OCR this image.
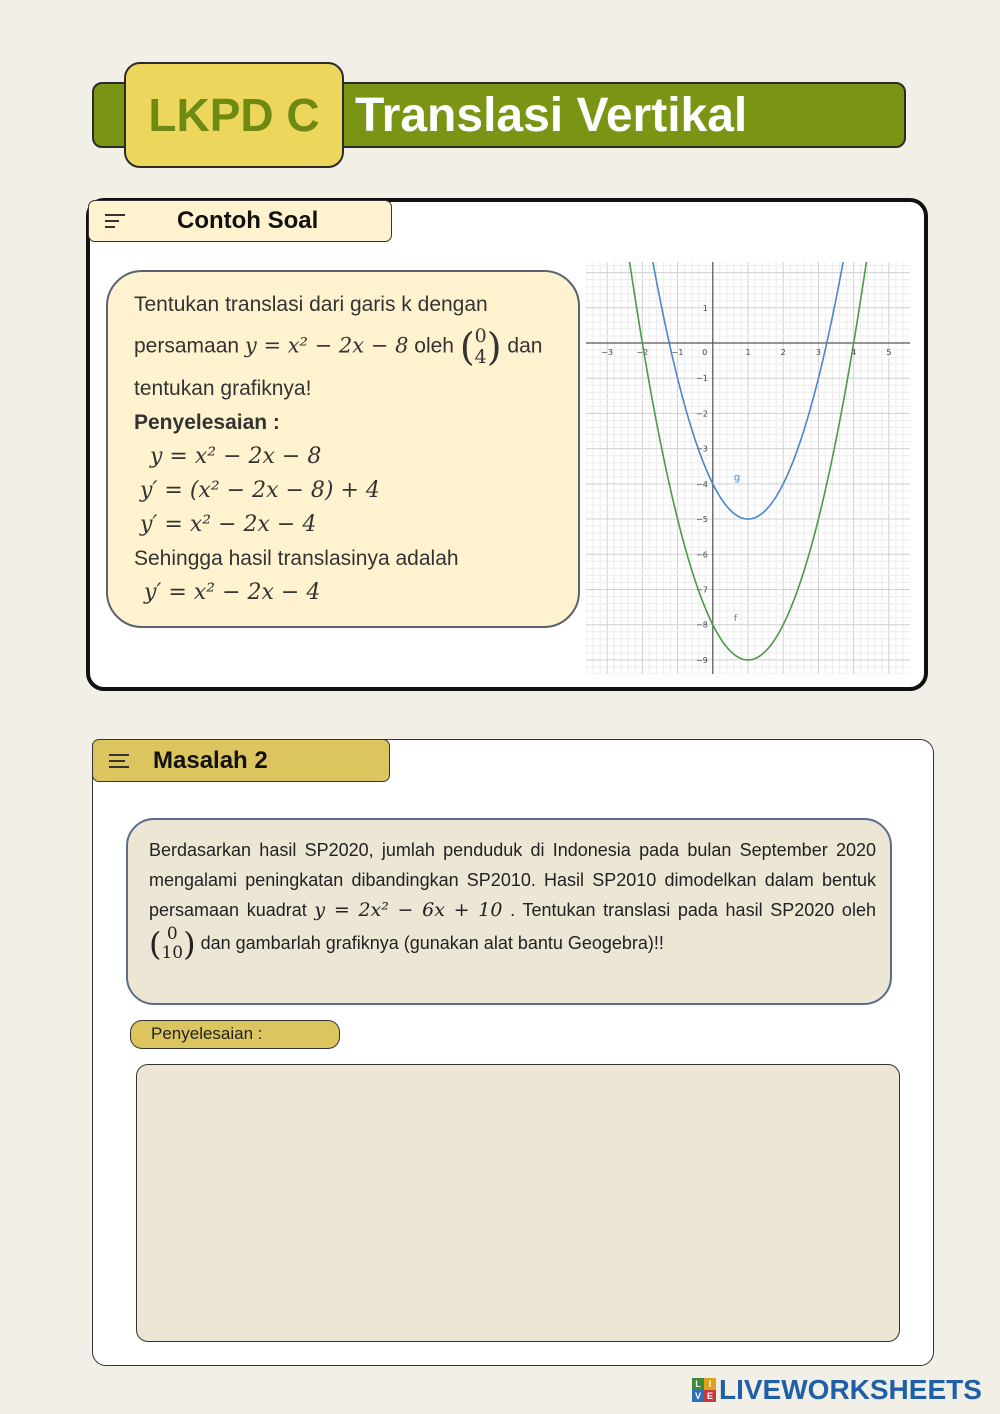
Translasi Vertikal
LKPD C
Contoh Soal
Tentukan translasi dari garis k dengan
persamaan y = x² − 2x − 8 oleh ( 0
4 ) dan
tentukan grafiknya!
Penyelesaian :
y = x² − 2x − 8
y′ = (x² − 2x − 8) + 4
y′ = x² − 2x − 4
Sehingga hasil translasinya adalah
y′ = x² − 2x − 4
−3	−2	−1 0	1	2	3	4	5
1
−1
−2
−3
−4
−5
−6
−7
−8
−9
g
f
Masalah 2
Berdasarkan hasil SP2020, jumlah penduduk di Indonesia pada bulan September 2020 mengalami peningkatan dibandingkan SP2010. Hasil SP2010 dimodelkan dalam bentuk persamaan kuadrat y = 2x² − 6x + 10 . Tentukan translasi pada hasil SP2020 oleh
( 0
10 ) dan gambarlah grafiknya (gunakan alat bantu Geogebra)!!
Penyelesaian :
L I
V E LIVEWORKSHEETS
